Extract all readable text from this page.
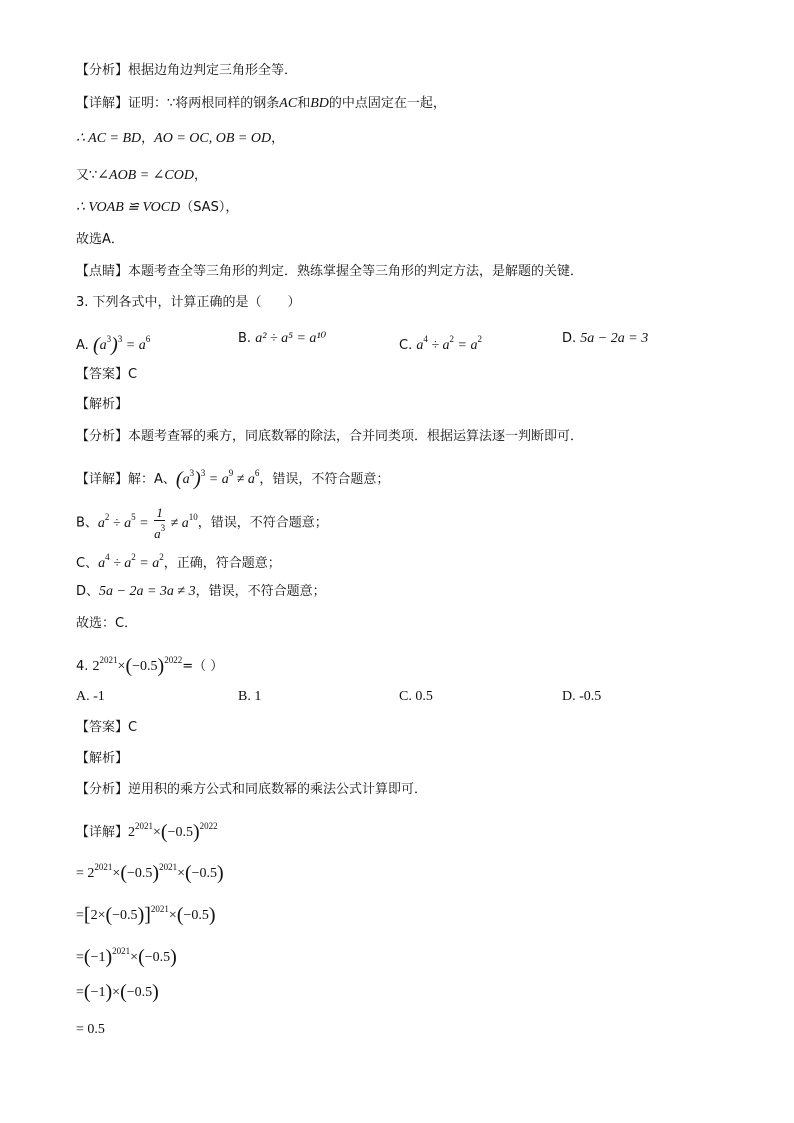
【分析】根据边角边判定三角形全等．
【详解】证明：∵将两根同样的钢条AC和BD的中点固定在一起，
∴ AC = BD，AO = OC, OB = OD，
又∵∠AOB = ∠COD，
∴ VOAB ≌ VOCD（SAS），
故选A．
【点睛】本题考查全等三角形的判定．熟练掌握全等三角形的判定方法，是解题的关键．
3. 下列各式中，计算正确的是（　　）
A. $(a^3)^3 = a^6$	B. a² ÷ a⁵ = a¹⁰	C. $a^4 \div a^2 = a^2$	D. 5a − 2a = 3
【答案】C
【解析】
【分析】本题考查幂的乘方，同底数幂的除法，合并同类项．根据运算法逐一判断即可．
【详解】解：A、$(a^3)^3 = a^9 \ne a^6$，错误，不符合题意；
B、$a^2 \div a^5 = \frac{1}{a^3} \ne a^{10}$，错误，不符合题意；
C、$a^4 \div a^2 = a^2$，正确，符合题意；
D、5a − 2a = 3a ≠ 3，错误，不符合题意；
故选：C．
4. $2^{2021}\times(-0.5)^{2022}=$（ ）
A. -1	B. 1	C. 0.5	D. -0.5
【答案】C
【解析】
【分析】逆用积的乘方公式和同底数幂的乘法公式计算即可．
【详解】$2^{2021}\times(-0.5)^{2022}$
= $2^{2021}\times(-0.5)^{2021}\times(-0.5)$
$=[2\times(-0.5)]^{2021}\times(-0.5)$
$=(-1)^{2021}\times(-0.5)$
=(−1)×(−0.5)
= 0.5
